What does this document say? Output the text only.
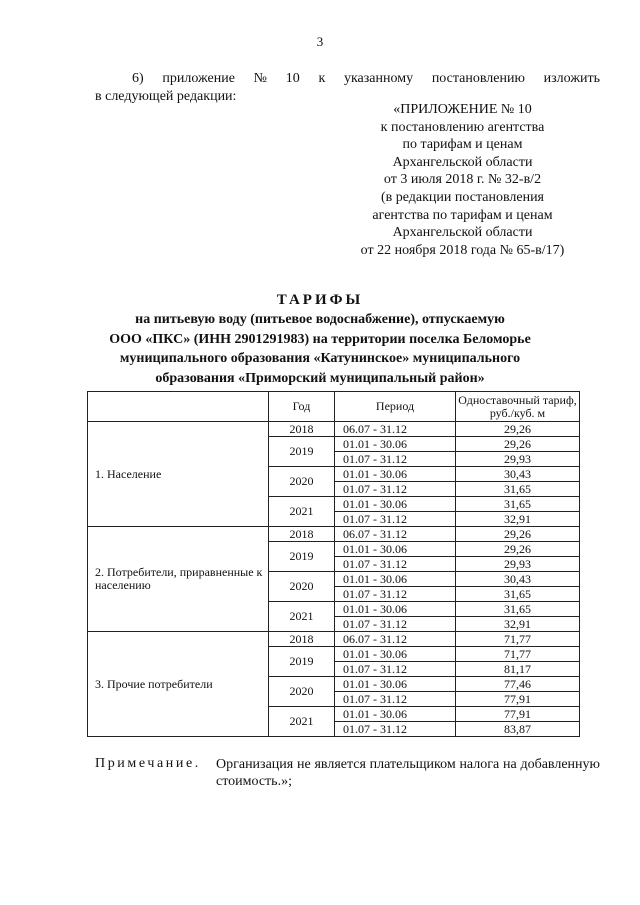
3
6) приложение № 10 к указанному постановлению изложить
в следующей редакции:
«ПРИЛОЖЕНИЕ № 10
к постановлению агентства
по тарифам и ценам
Архангельской области
от 3 июля 2018 г. № 32-в/2
(в редакции постановления
агентства по тарифам и ценам
Архангельской области
от 22 ноября 2018 года № 65-в/17)
ТАРИФЫ
на питьевую воду (питьевое водоснабжение), отпускаемую
ООО «ПКС» (ИНН 2901291983) на территории поселка Беломорье
муниципального образования «Катунинское» муниципального
образования «Приморский муниципальный район»
	Год	Период	Одноставочный тариф, руб./куб. м
1. Население	2018	06.07 - 31.12	29,26
	2019	01.01 - 30.06	29,26
		01.07 - 31.12	29,93
	2020	01.01 - 30.06	30,43
		01.07 - 31.12	31,65
	2021	01.01 - 30.06	31,65
		01.07 - 31.12	32,91
2. Потребители, приравненные к населению	2018	06.07 - 31.12	29,26
	2019	01.01 - 30.06	29,26
		01.07 - 31.12	29,93
	2020	01.01 - 30.06	30,43
		01.07 - 31.12	31,65
	2021	01.01 - 30.06	31,65
		01.07 - 31.12	32,91
3. Прочие потребители	2018	06.07 - 31.12	71,77
	2019	01.01 - 30.06	71,77
		01.07 - 31.12	81,17
	2020	01.01 - 30.06	77,46
		01.07 - 31.12	77,91
	2021	01.01 - 30.06	77,91
		01.07 - 31.12	83,87
Примечание. Организация не является плательщиком налога на добавленную стоимость.»;
